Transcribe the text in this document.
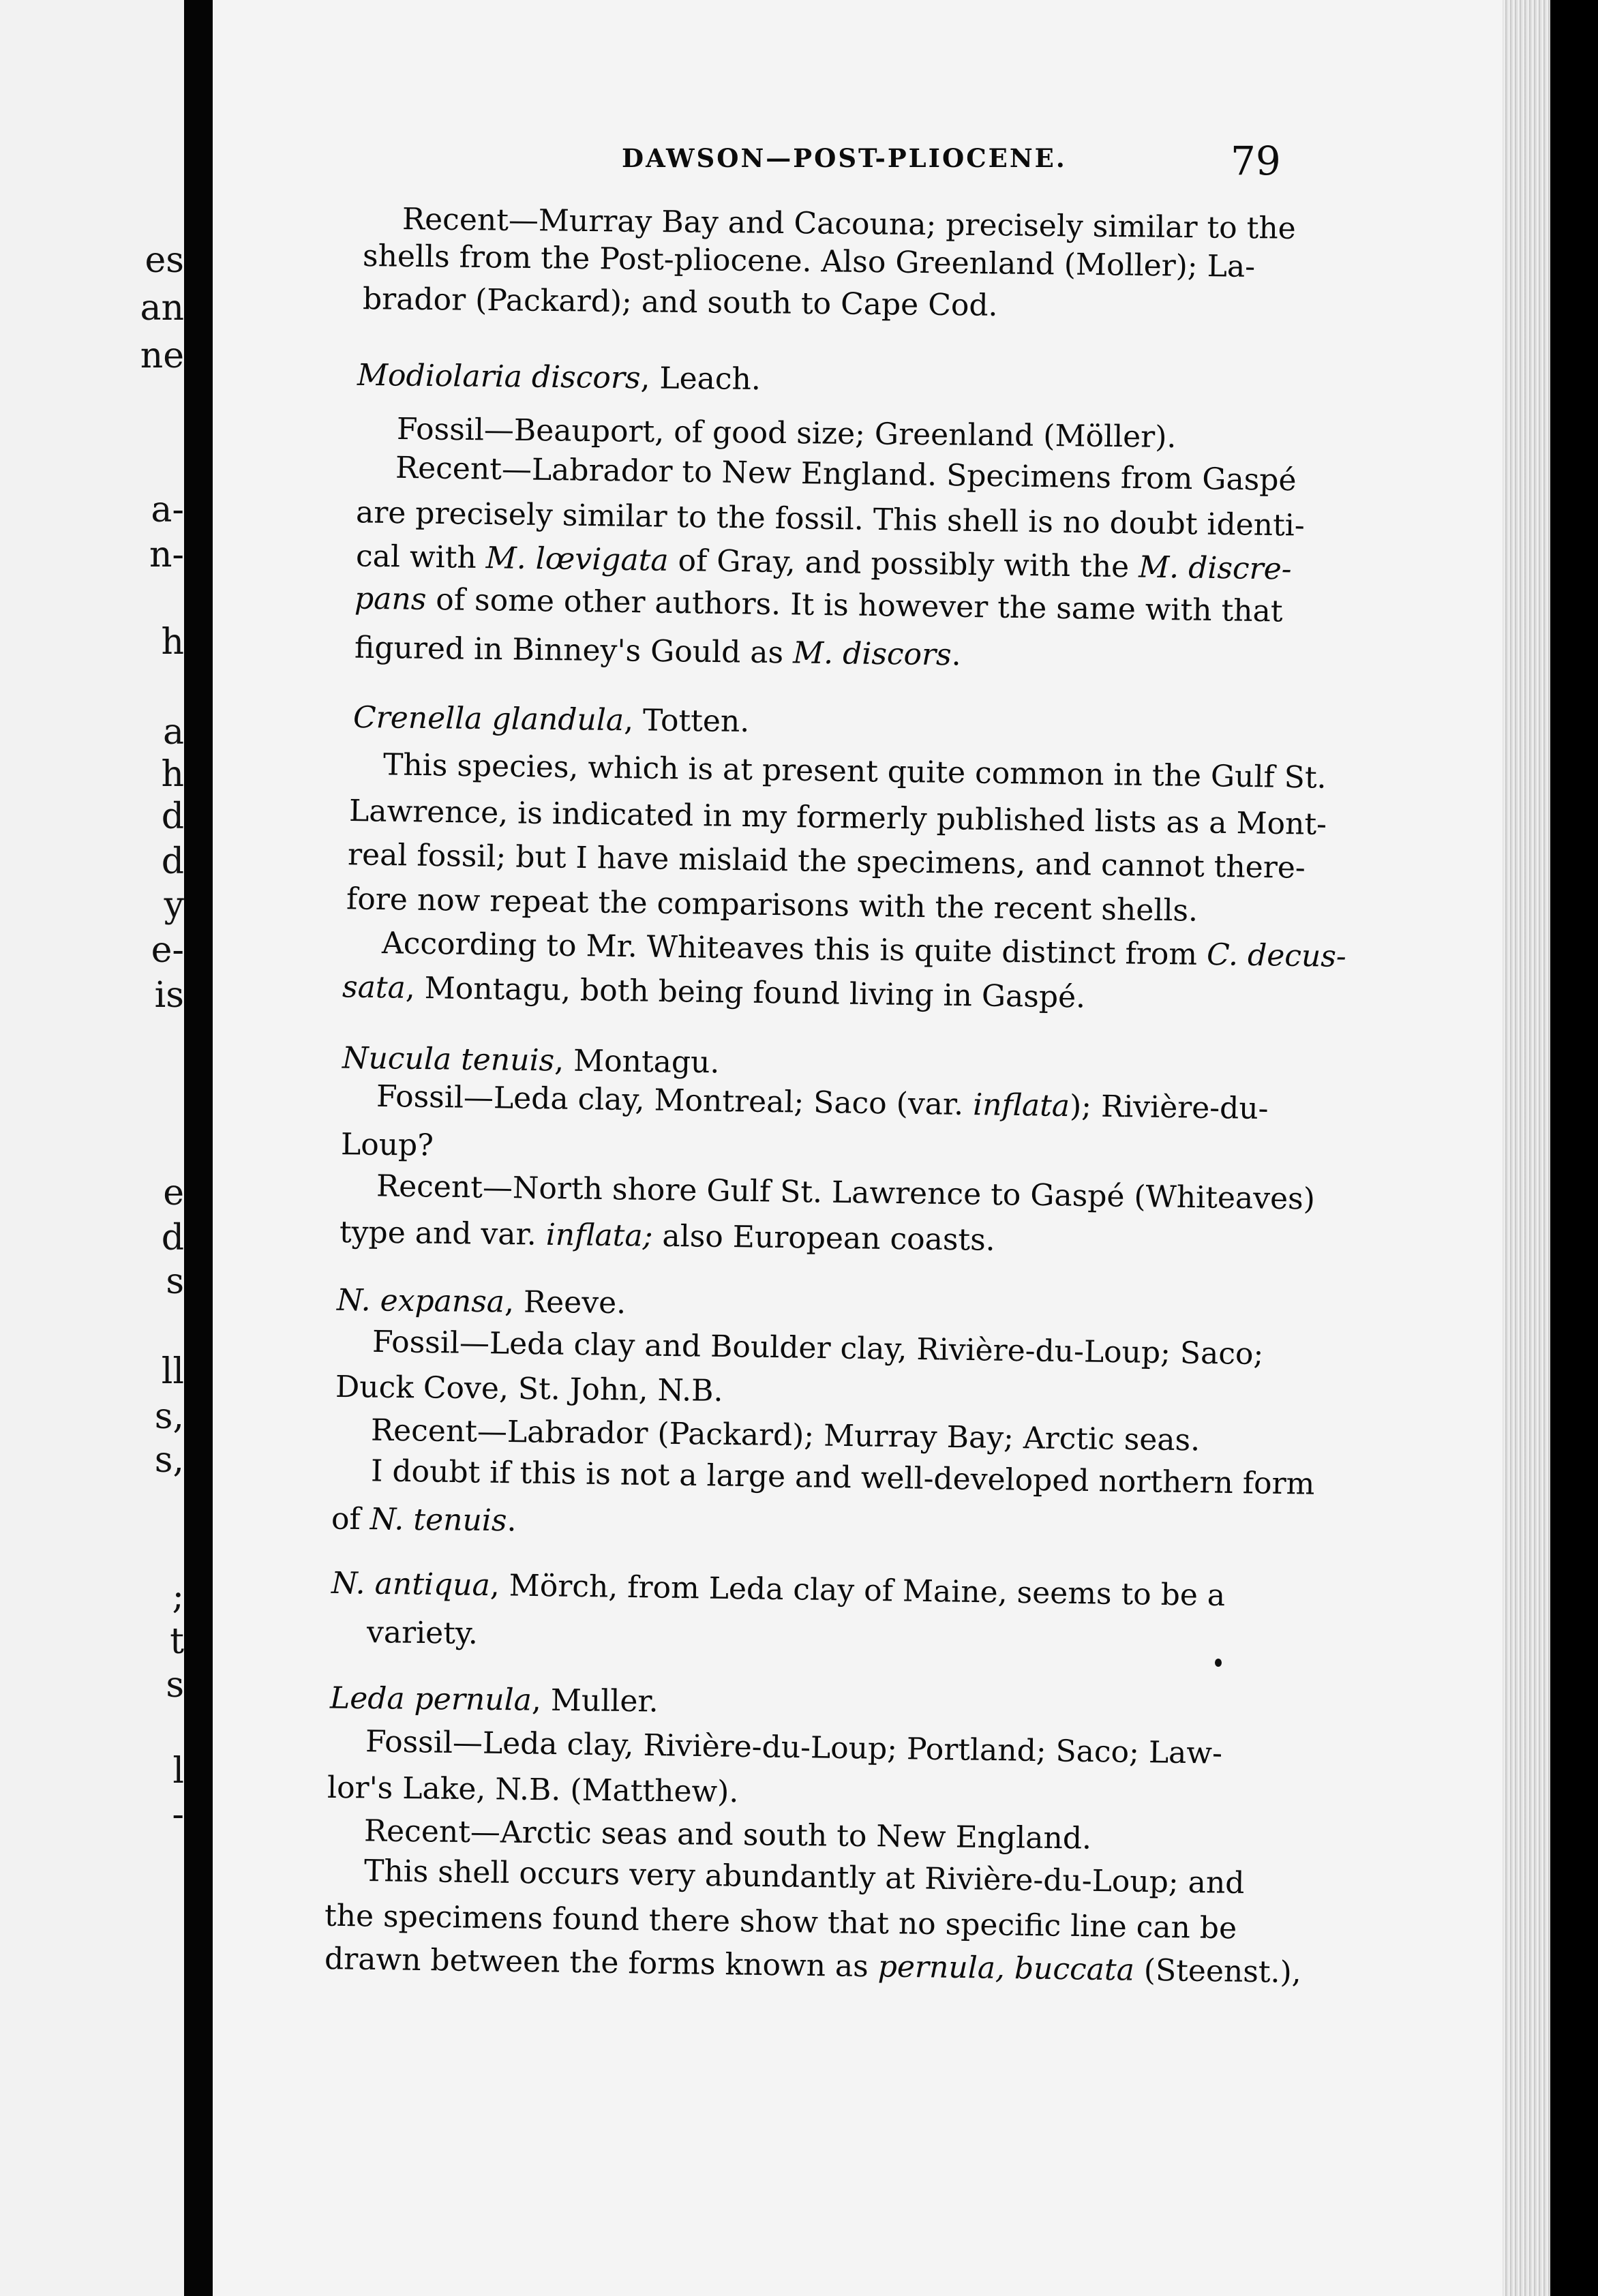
es
an
ne
a-
n-
h
a
h
d
d
y
e-
is
e
d
s
ll
s,
s,
;
t
s
l
-
DAWSON—POST-PLIOCENE.	79
Recent—Murray Bay and Cacouna; precisely similar to the
shells from the Post-pliocene. Also Greenland (Moller); La-
brador (Packard); and south to Cape Cod.
Modiolaria discors, Leach.
Fossil—Beauport, of good size; Greenland (Möller).
Recent—Labrador to New England. Specimens from Gaspé
are precisely similar to the fossil. This shell is no doubt identi-
cal with M. lœvigata of Gray, and possibly with the M. discre-
pans of some other authors. It is however the same with that
figured in Binney's Gould as M. discors.
Crenella glandula, Totten.
This species, which is at present quite common in the Gulf St.
Lawrence, is indicated in my formerly published lists as a Mont-
real fossil; but I have mislaid the specimens, and cannot there-
fore now repeat the comparisons with the recent shells.
According to Mr. Whiteaves this is quite distinct from C. decus-
sata, Montagu, both being found living in Gaspé.
Nucula tenuis, Montagu.
Fossil—Leda clay, Montreal; Saco (var. inflata); Rivière-du-
Loup?
Recent—North shore Gulf St. Lawrence to Gaspé (Whiteaves)
type and var. inflata; also European coasts.
N. expansa, Reeve.
Fossil—Leda clay and Boulder clay, Rivière-du-Loup; Saco;
Duck Cove, St. John, N.B.
Recent—Labrador (Packard); Murray Bay; Arctic seas.
I doubt if this is not a large and well-developed northern form
of N. tenuis.
N. antiqua, Mörch, from Leda clay of Maine, seems to be a
variety.
Leda pernula, Muller.
Fossil—Leda clay, Rivière-du-Loup; Portland; Saco; Law-
lor's Lake, N.B. (Matthew).
Recent—Arctic seas and south to New England.
This shell occurs very abundantly at Rivière-du-Loup; and
the specimens found there show that no specific line can be
drawn between the forms known as pernula, buccata (Steenst.),
